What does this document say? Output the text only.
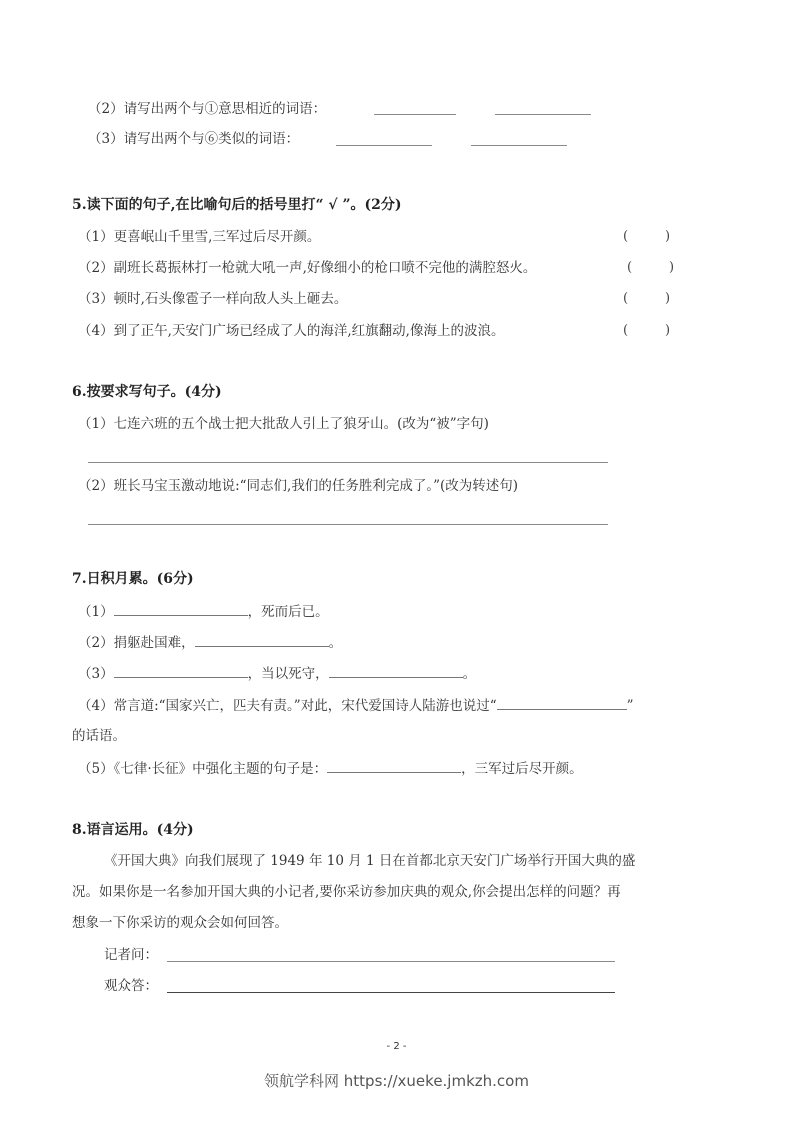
（2）请写出两个与①意思相近的词语：
（3）请写出两个与⑥类似的词语：
5.读下面的句子,在比喻句后的括号里打“ √ ”。(2分)
（1）更喜岷山千里雪,三军过后尽开颜。	(	)
（2）副班长葛振林打一枪就大吼一声,好像细小的枪口喷不完他的满腔怒火。	(	)
（3）顿时,石头像雹子一样向敌人头上砸去。	(	)
（4）到了正午,天安门广场已经成了人的海洋,红旗翻动,像海上的波浪。	(	)
6.按要求写句子。(4分)
（1）七连六班的五个战士把大批敌人引上了狼牙山。(改为“被”字句)
（2）班长马宝玉激动地说:“同志们,我们的任务胜利完成了。”(改为转述句)
7.日积月累。(6分)
（1）	，死而后已。
（2）捐躯赴国难，	。
（3）	，当以死守，	。
（4）常言道:“国家兴亡，匹夫有责。”对此，宋代爱国诗人陆游也说过“	”
的话语。
（5）《七律·长征》中强化主题的句子是：	，三军过后尽开颜。
8.语言运用。(4分)
《开国大典》向我们展现了 1949 年 10 月 1 日在首都北京天安门广场举行开国大典的盛
况。如果你是一名参加开国大典的小记者,要你采访参加庆典的观众,你会提出怎样的问题？再
想象一下你采访的观众会如何回答。
记者问：
观众答：
- 2 -
领航学科网 https://xueke.jmkzh.com
